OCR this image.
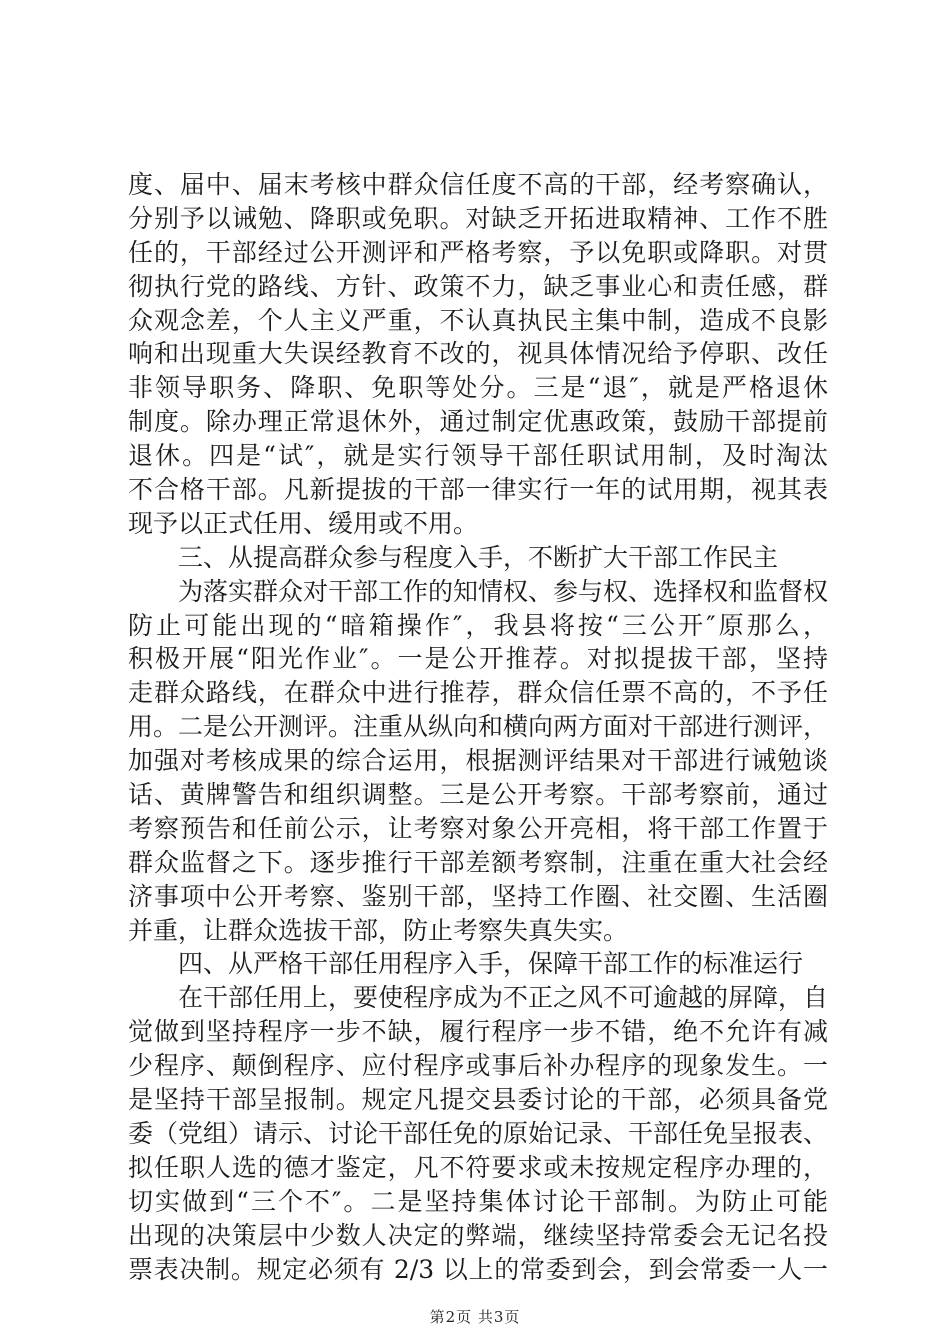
度、届中、届末考核中群众信任度不高的干部，经考察确认，
分别予以诫勉、降职或免职。对缺乏开拓进取精神、工作不胜
任的，干部经过公开测评和严格考察，予以免职或降职。对贯
彻执行党的路线、方针、政策不力，缺乏事业心和责任感，群
众观念差，个人主义严重，不认真执民主集中制，造成不良影
响和出现重大失误经教育不改的，视具体情况给予停职、改任
非领导职务、降职、免职等处分。三是“退″，就是严格退休
制度。除办理正常退休外，通过制定优惠政策，鼓励干部提前
退休。四是“试″，就是实行领导干部任职试用制，及时淘汰
不合格干部。凡新提拔的干部一律实行一年的试用期，视其表
现予以正式任用、缓用或不用。
三、从提高群众参与程度入手，不断扩大干部工作民主
为落实群众对干部工作的知情权、参与权、选择权和监督权
防止可能出现的“暗箱操作″，我县将按“三公开″原那么，
积极开展“阳光作业″。一是公开推荐。对拟提拔干部，坚持
走群众路线，在群众中进行推荐，群众信任票不高的，不予任
用。二是公开测评。注重从纵向和横向两方面对干部进行测评，
加强对考核成果的综合运用，根据测评结果对干部进行诫勉谈
话、黄牌警告和组织调整。三是公开考察。干部考察前，通过
考察预告和任前公示，让考察对象公开亮相，将干部工作置于
群众监督之下。逐步推行干部差额考察制，注重在重大社会经
济事项中公开考察、鉴别干部，坚持工作圈、社交圈、生活圈
并重，让群众选拔干部，防止考察失真失实。
四、从严格干部任用程序入手，保障干部工作的标准运行
在干部任用上，要使程序成为不正之风不可逾越的屏障，自
觉做到坚持程序一步不缺，履行程序一步不错，绝不允许有减
少程序、颠倒程序、应付程序或事后补办程序的现象发生。一
是坚持干部呈报制。规定凡提交县委讨论的干部，必须具备党
委（党组）请示、讨论干部任免的原始记录、干部任免呈报表、
拟任职人选的德才鉴定，凡不符要求或未按规定程序办理的，
切实做到“三个不″。二是坚持集体讨论干部制。为防止可能
出现的决策层中少数人决定的弊端，继续坚持常委会无记名投
票表决制。规定必须有 2/3 以上的常委到会，到会常委一人一
第2页 共3页
